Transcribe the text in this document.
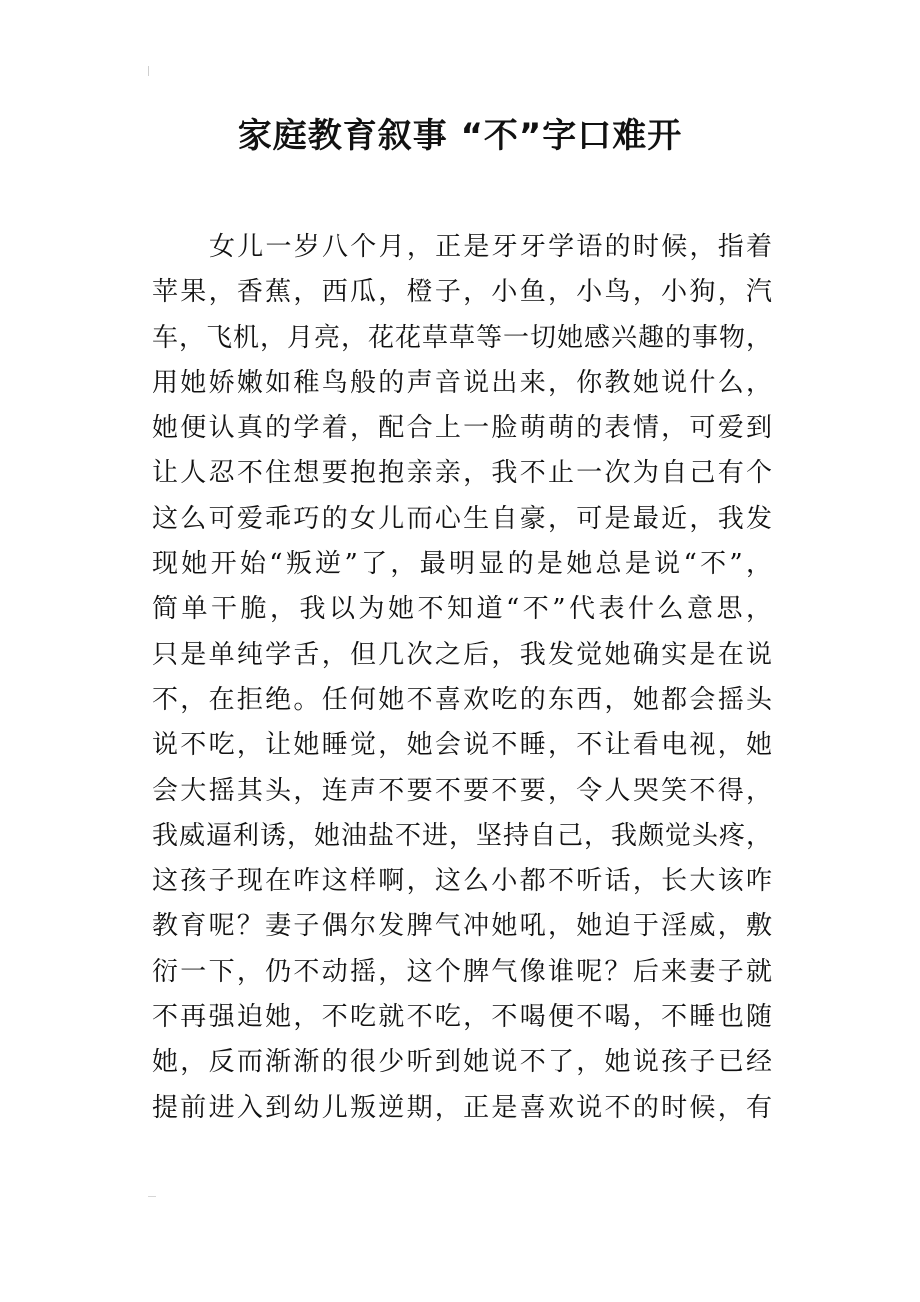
家庭教育叙事 “不”字口难开
女儿一岁八个月，正是牙牙学语的时候，指着
苹果，香蕉，西瓜，橙子，小鱼，小鸟，小狗，汽
车，飞机，月亮，花花草草等一切她感兴趣的事物，
用她娇嫩如稚鸟般的声音说出来，你教她说什么，
她便认真的学着，配合上一脸萌萌的表情，可爱到
让人忍不住想要抱抱亲亲，我不止一次为自己有个
这么可爱乖巧的女儿而心生自豪，可是最近，我发
现她开始“叛逆”了，最明显的是她总是说“不”，
简单干脆，我以为她不知道“不”代表什么意思，
只是单纯学舌，但几次之后，我发觉她确实是在说
不，在拒绝。任何她不喜欢吃的东西，她都会摇头
说不吃，让她睡觉，她会说不睡，不让看电视，她
会大摇其头，连声不要不要不要，令人哭笑不得，
我威逼利诱，她油盐不进，坚持自己，我颇觉头疼，
这孩子现在咋这样啊，这么小都不听话，长大该咋
教育呢？妻子偶尔发脾气冲她吼，她迫于淫威，敷
衍一下，仍不动摇，这个脾气像谁呢？后来妻子就
不再强迫她，不吃就不吃，不喝便不喝，不睡也随
她，反而渐渐的很少听到她说不了，她说孩子已经
提前进入到幼儿叛逆期，正是喜欢说不的时候，有
